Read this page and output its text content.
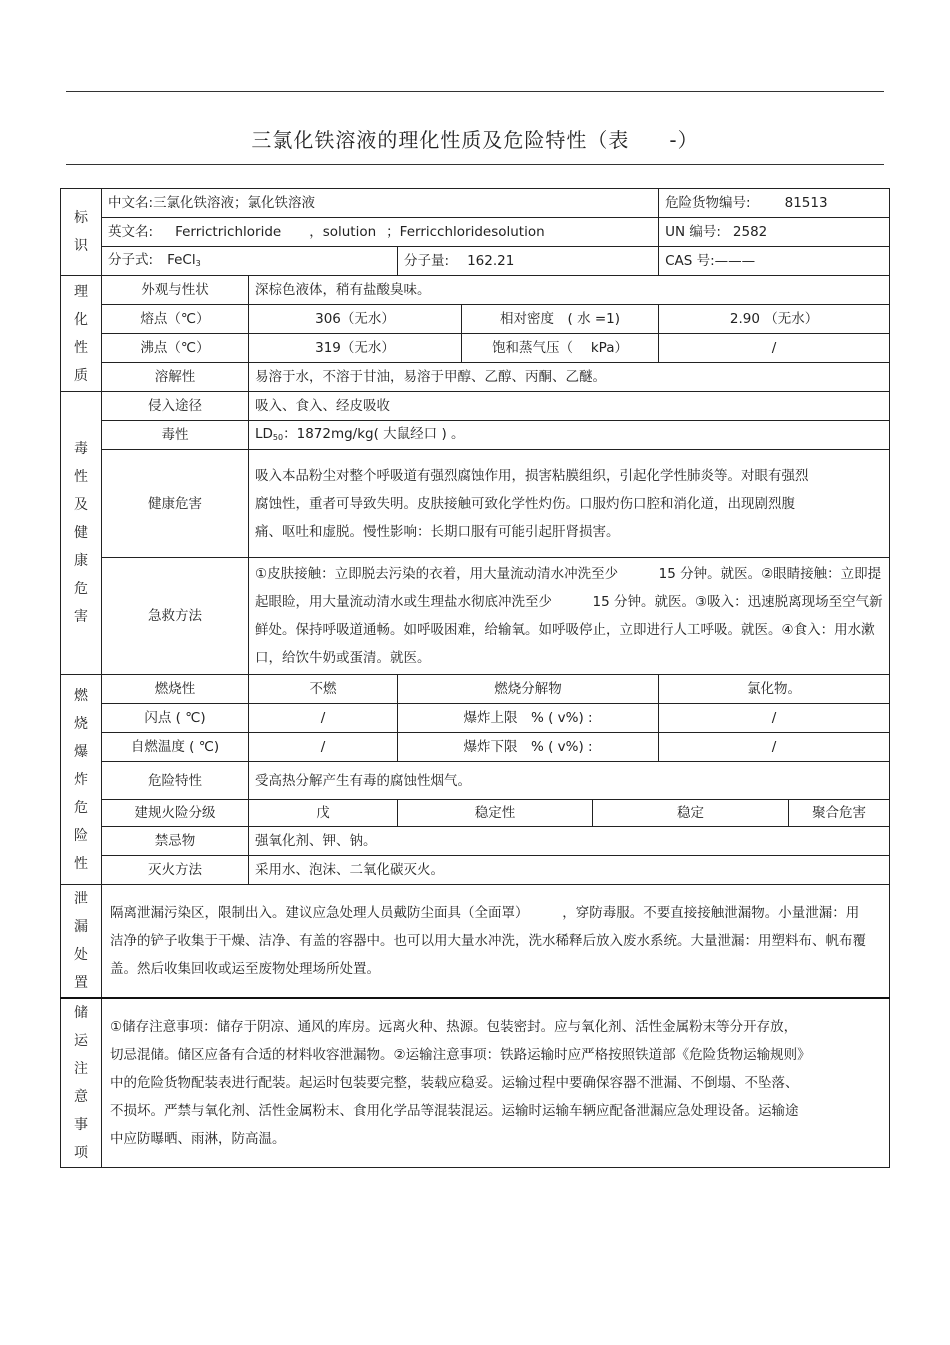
三氯化铁溶液的理化性质及危险特性（表 -）
标识	中文名:三氯化铁溶液；氯化铁溶液					危险货物编号: 81513		
	英文名: Ferrictrichloride ，solution ；Ferricchloridesolution					UN 编号: 2582		
	分子式: FeCl$_3$		分子量: 162.21			CAS 号:———		

理化性质	外观与性状	深棕色液体，稍有盐酸臭味。						
	熔点（℃）	306（无水）		相对密度　( 水 =1)		2.90 （无水）		
	沸点（℃）	319（无水）		饱和蒸气压（　 kPa）		/		
	溶解性	易溶于水，不溶于甘油，易溶于甲醇、乙醇、丙酮、乙醚。						

毒性及健康危害	侵入途径	吸入、食入、经皮吸收						
	毒性	$LD_{50}$：1872mg/kg( 大鼠经口 ) 。						
	健康危害	吸入本品粉尘对整个呼吸道有强烈腐蚀作用，损害粘膜组织，引起化学性肺炎等。对眼有强烈腐蚀性，重者可导致失明。皮肤接触可致化学性灼伤。口服灼伤口腔和消化道，出现剧烈腹痛、呕吐和虚脱。慢性影响：长期口服有可能引起肝肾损害。						
	急救方法	①皮肤接触：立即脱去污染的衣着，用大量流动清水冲洗至少　　　15 分钟。就医。②眼睛接触：立即提起眼睑，用大量流动清水或生理盐水彻底冲洗至少　　　15 分钟。就医。③吸入：迅速脱离现场至空气新鲜处。保持呼吸道通畅。如呼吸困难，给输氧。如呼吸停止，立即进行人工呼吸。就医。④食入：用水漱口，给饮牛奶或蛋清。就医。						

燃烧爆炸危险性	燃烧性	不燃	燃烧分解物			氯化物。		
	闪点 ( ℃)	/	爆炸上限　% ( v%) :			/		
	自燃温度 ( ℃)	/	爆炸下限　% ( v%) :			/		
	危险特性	受高热分解产生有毒的腐蚀性烟气。						
	建规火险分级	戊	稳定性		稳定		聚合危害	
	禁忌物	强氧化剂、钾、钠。						
	灭火方法	采用水、泡沫、二氧化碳灭火。						

泄漏处置	隔离泄漏污染区，限制出入。建议应急处理人员戴防尘面具（全面罩）　　　，穿防毒服。不要直接接触泄漏物。小量泄漏：用洁净的铲子收集于干燥、洁净、有盖的容器中。也可以用大量水冲洗，洗水稀释后放入废水系统。大量泄漏：用塑料布、帆布覆盖。然后收集回收或运至废物处理场所处置。							

储运注意事项	①储存注意事项：储存于阴凉、通风的库房。远离火种、热源。包装密封。应与氧化剂、活性金属粉末等分开存放，切忌混储。储区应备有合适的材料收容泄漏物。②运输注意事项：铁路运输时应严格按照铁道部《危险货物运输规则》中的危险货物配装表进行配装。起运时包装要完整，装载应稳妥。运输过程中要确保容器不泄漏、不倒塌、不坠落、不损坏。严禁与氧化剂、活性金属粉末、食用化学品等混装混运。运输时运输车辆应配备泄漏应急处理设备。运输途中应防曝晒、雨淋，防高温。							
